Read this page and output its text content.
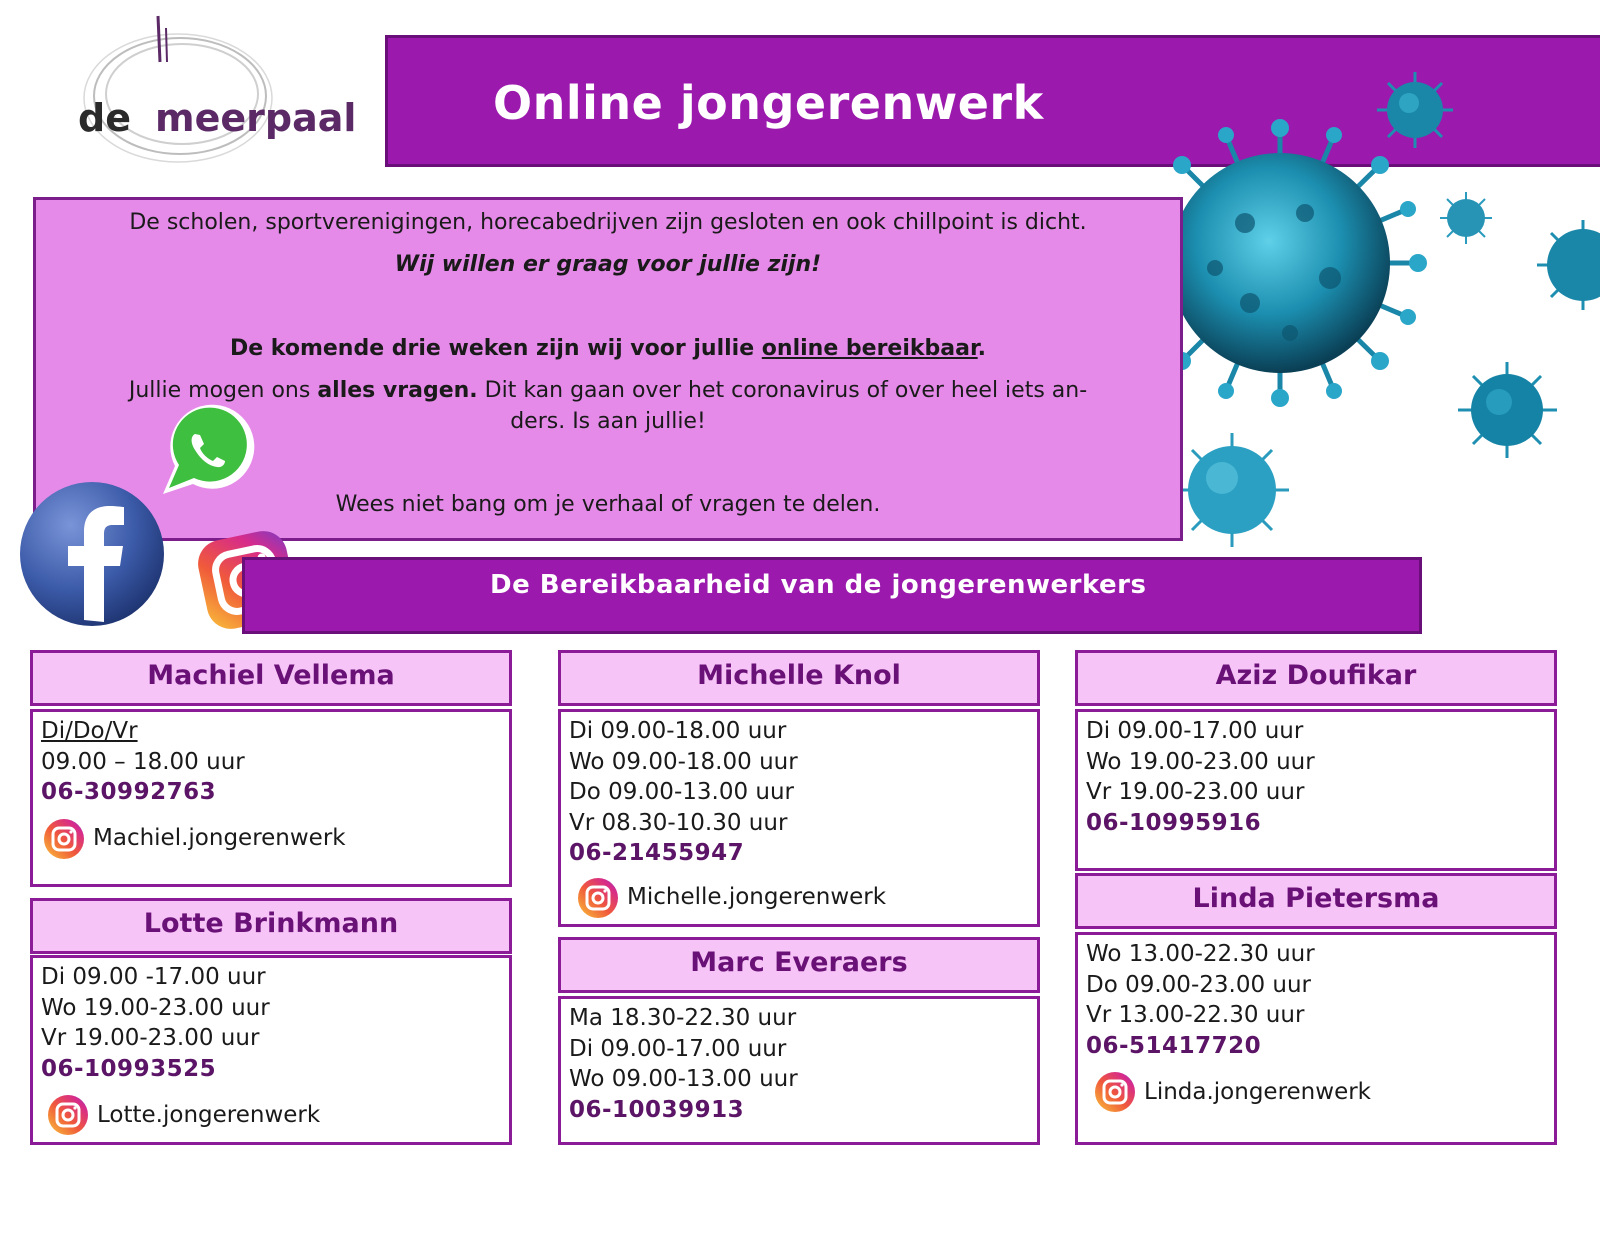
de meerpaal	Online jongerenwerk
De scholen, sportverenigingen, horecabedrijven zijn gesloten en ook chillpoint is dicht.
Wij willen er graag voor jullie zijn!
De komende drie weken zijn wij voor jullie online bereikbaar.
Jullie mogen ons alles vragen. Dit kan gaan over het coronavirus of over heel iets an-
ders. Is aan jullie!
Wees niet bang om je verhaal of vragen te delen.
De Bereikbaarheid van de jongerenwerkers
Machiel Vellema
Di/Do/Vr
09.00 – 18.00 uur
06-30992763
Machiel.jongerenwerk
Lotte Brinkmann
Di 09.00 -17.00 uur
Wo 19.00-23.00 uur
Vr 19.00-23.00 uur
06-10993525
Lotte.jongerenwerk
Michelle Knol
Di 09.00-18.00 uur
Wo 09.00-18.00 uur
Do 09.00-13.00 uur
Vr 08.30-10.30 uur
06-21455947
Michelle.jongerenwerk
Marc Everaers
Ma 18.30-22.30 uur
Di 09.00-17.00 uur
Wo 09.00-13.00 uur
06-10039913
Aziz Doufikar
Di 09.00-17.00 uur
Wo 19.00-23.00 uur
Vr 19.00-23.00 uur
06-10995916
Linda Pietersma
Wo 13.00-22.30 uur
Do 09.00-23.00 uur
Vr 13.00-22.30 uur
06-51417720
Linda.jongerenwerk
